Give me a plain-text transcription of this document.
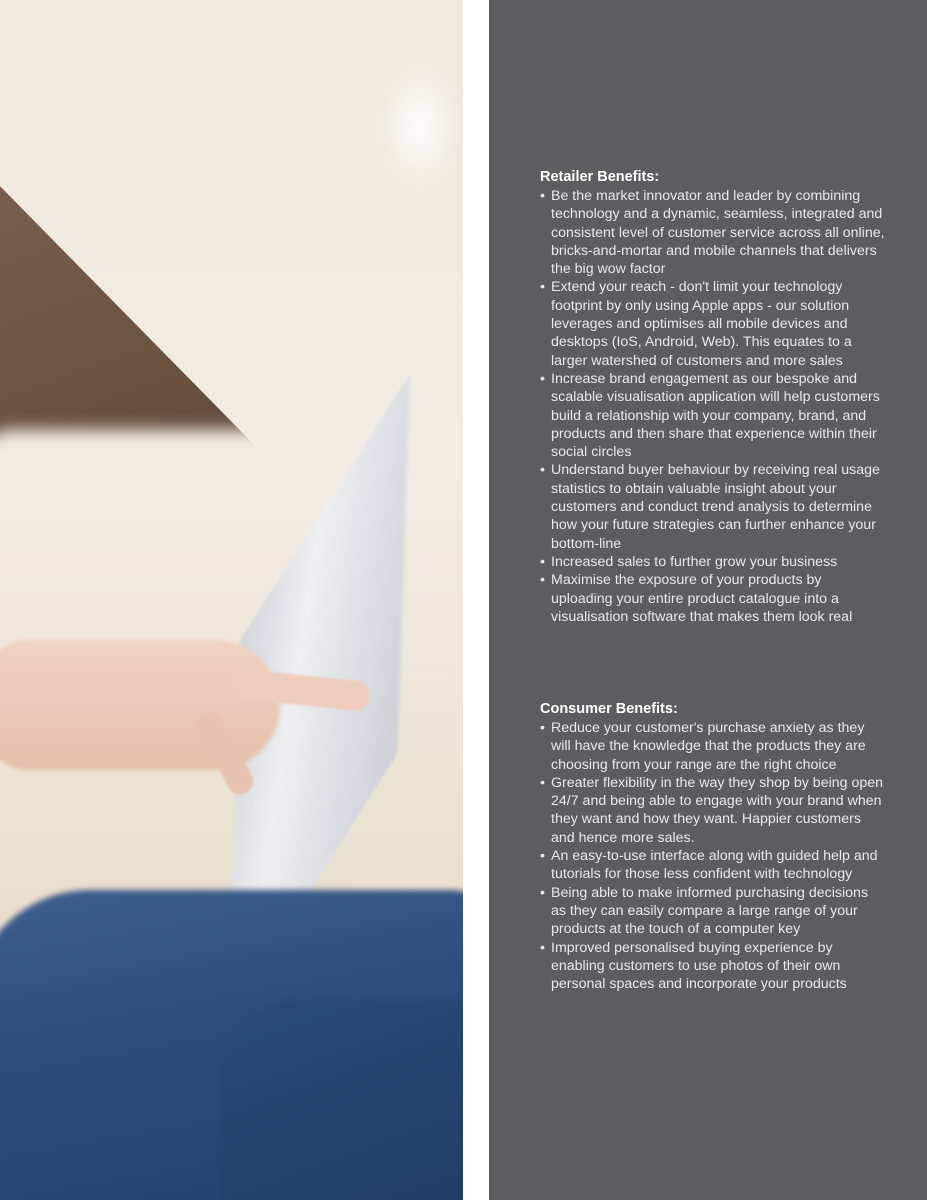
Retailer Benefits:
• Be the market innovator and leader by combining technology and a dynamic, seamless, integrated and consistent level of customer service across all online, bricks-and-mortar and mobile channels that delivers the big wow factor
• Extend your reach - don't limit your technology footprint by only using Apple apps - our solution leverages and optimises all mobile devices and desktops (IoS, Android, Web). This equates to a larger watershed of customers and more sales
• Increase brand engagement as our bespoke and scalable visualisation application will help customers build a relationship with your company, brand, and products and then share that experience within their social circles
• Understand buyer behaviour by receiving real usage statistics to obtain valuable insight about your customers and conduct trend analysis to determine how your future strategies can further enhance your bottom-line
• Increased sales to further grow your business
• Maximise the exposure of your products by uploading your entire product catalogue into a visualisation software that makes them look real
Consumer Benefits:
• Reduce your customer's purchase anxiety as they will have the knowledge that the products they are choosing from your range are the right choice
• Greater flexibility in the way they shop by being open 24/7 and being able to engage with your brand when they want and how they want. Happier customers and hence more sales.
• An easy-to-use interface along with guided help and tutorials for those less confident with technology
• Being able to make informed purchasing decisions as they can easily compare a large range of your products at the touch of a computer key
• Improved personalised buying experience by enabling customers to use photos of their own personal spaces and incorporate your products
